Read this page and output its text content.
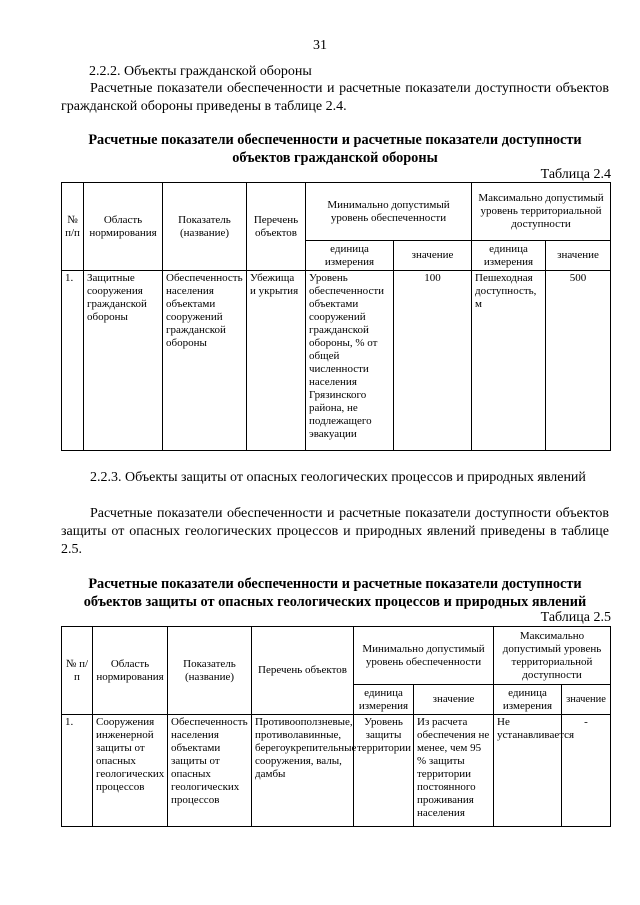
31
2.2.2. Объекты гражданской обороны
Расчетные показатели обеспеченности и расчетные показатели доступности объектов гражданской обороны приведены в таблице 2.4.
Расчетные показатели обеспеченности и расчетные показатели доступности
объектов гражданской обороны
Таблица 2.4
№ п/п	Область нормирования	Показатель (название)	Перечень объектов	Минимально допустимый уровень обеспеченности		Максимально допустимый уровень территориальной доступности	
				единица измерения	значение	единица измерения	значение
1.	Защитные сооружения гражданской обороны	Обеспеченность населения объектами сооружений гражданской обороны	Убежища и укрытия	Уровень обеспеченности объектами сооружений гражданской обороны, % от общей численности населения Грязинского района, не подлежащего эвакуации	100	Пешеходная доступность, м	500
2.2.3. Объекты защиты от опасных геологических процессов и природных явлений
Расчетные показатели обеспеченности и расчетные показатели доступности объектов защиты от опасных геологических процессов и природных явлений приведены в таблице 2.5.
Расчетные показатели обеспеченности и расчетные показатели доступности
объектов защиты от опасных геологических процессов и природных явлений
Таблица 2.5
№ п/п	Область нормирования	Показатель (название)	Перечень объектов	Минимально допустимый уровень обеспеченности		Максимально допустимый уровень территориальной доступности	
				единица измерения	значение	единица измерения	значение
1.	Сооружения инженерной защиты от опасных геологических процессов	Обеспеченность населения объектами защиты от опасных геологических процессов	Противооползневые, противолавинные, берегоукрепительные сооружения, валы, дамбы	Уровень защиты территории	Из расчета обеспечения не менее, чем 95 % защиты территории постоянного проживания населения	Не устанавливается	-
